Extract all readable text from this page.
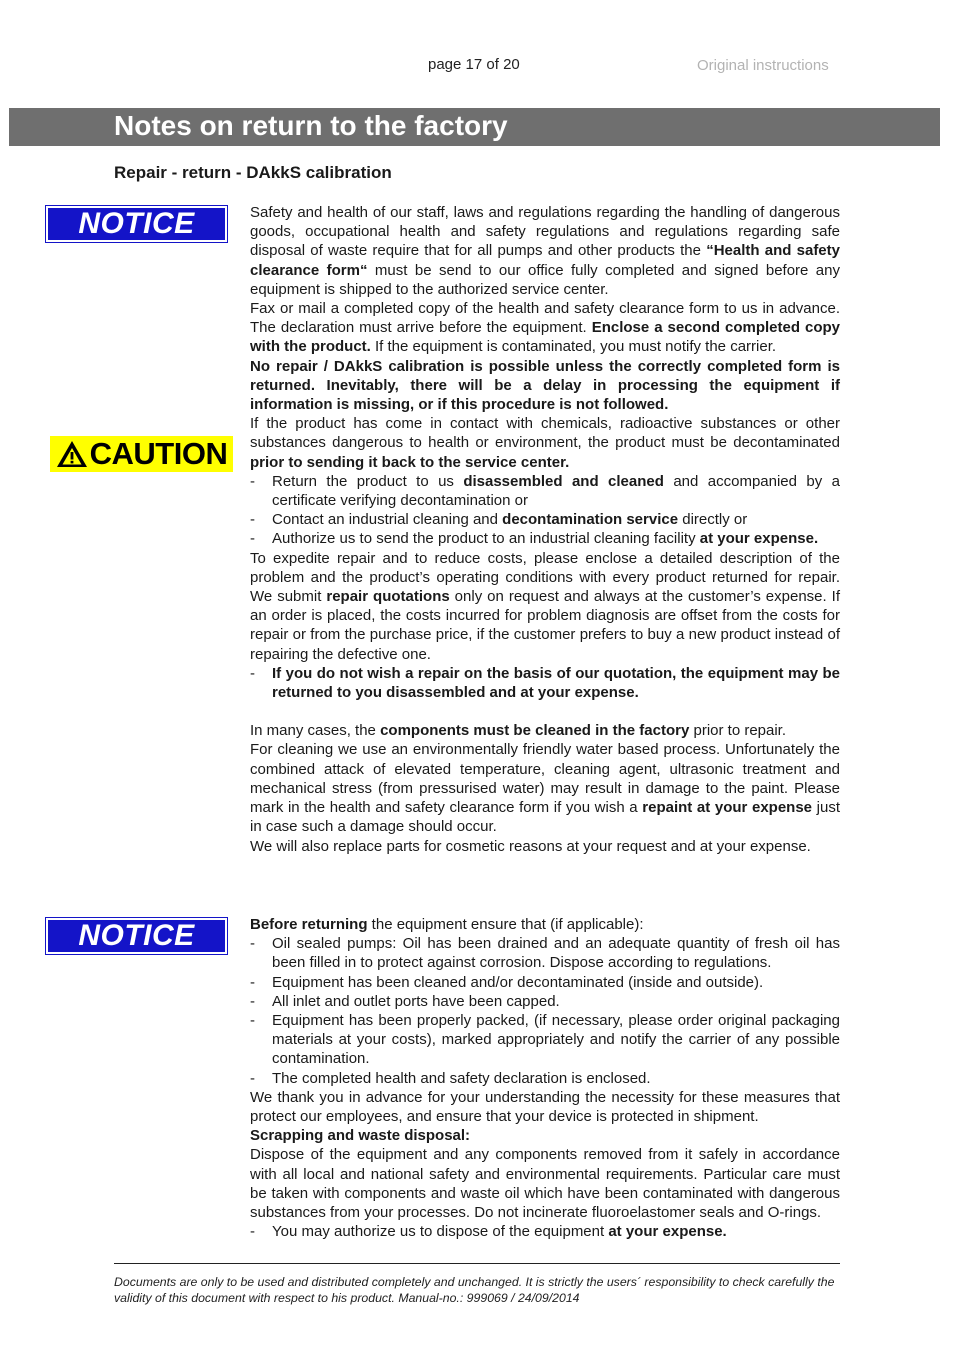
page 17 of 20	Original instructions
Notes on return to the factory
Repair - return - DAkkS calibration
NOTICE
CAUTION
NOTICE

Safety and health of our staff, laws and regulations regarding the handling of dangerous goods, occupational health and safety regulations and regulations regarding safe disposal of waste require that for all pumps and other products the “Health and safety clearance form“ must be send to our office fully completed and signed before any equipment is shipped to the authorized service center.

Fax or mail a completed copy of the health and safety clearance form to us in advance. The declaration must arrive before the equipment. Enclose a second completed copy with the product. If the equipment is contaminated, you must notify the carrier.

No repair / DAkkS calibration is possible unless the correctly completed form is returned. Inevitably, there will be a delay in processing the equipment if information is missing, or if this procedure is not followed.

If the product has come in contact with chemicals, radioactive substances or other substances dangerous to health or environment, the product must be decontaminated prior to sending it back to the service center.

-	Return the product to us disassembled and cleaned and accompanied by a certificate verifying decontamination or
-	Contact an industrial cleaning and decontamination service directly or
-	Authorize us to send the product to an industrial cleaning facility at your expense.

To expedite repair and to reduce costs, please enclose a detailed description of the problem and the product’s operating conditions with every product returned for repair. We submit repair quotations only on request and always at the customer’s expense. If an order is placed, the costs incurred for problem diagnosis are offset from the costs for repair or from the purchase price, if the customer prefers to buy a new product instead of repairing the defective one.

-	If you do not wish a repair on the basis of our quotation, the equipment may be returned to you disassembled and at your expense.

In many cases, the components must be cleaned in the factory prior to repair.

For cleaning we use an environmentally friendly water based process. Unfortunately the combined attack of elevated temperature, cleaning agent, ultrasonic treatment and mechanical stress (from pressurised water) may result in damage to the paint. Please mark in the health and safety clearance form if you wish a repaint at your expense just in case such a damage should occur.

We will also replace parts for cosmetic reasons at your request and at your expense.

Before returning the equipment ensure that (if applicable):

-	Oil sealed pumps: Oil has been drained and an adequate quantity of fresh oil has been filled in to protect against corrosion. Dispose according to regulations.
-	Equipment has been cleaned and/or decontaminated (inside and outside).
-	All inlet and outlet ports have been capped.
-	Equipment has been properly packed, (if necessary, please order original packaging materials at your costs), marked appropriately and notify the carrier of any possible contamination.
-	The completed health and safety declaration is enclosed.

We thank you in advance for your understanding the necessity for these measures that protect our employees, and ensure that your device is protected in shipment.

Scrapping and waste disposal:

Dispose of the equipment and any components removed from it safely in accordance with all local and national safety and environmental requirements. Particular care must be taken with components and waste oil which have been contaminated with dangerous substances from your processes. Do not incinerate fluoroelastomer seals and O-rings.

-	You may authorize us to dispose of the equipment at your expense.
Documents are only to be used and distributed completely and unchanged. It is strictly the users´ responsibility to check carefully the validity of this document with respect to his product. Manual-no.: 999069 / 24/09/2014
